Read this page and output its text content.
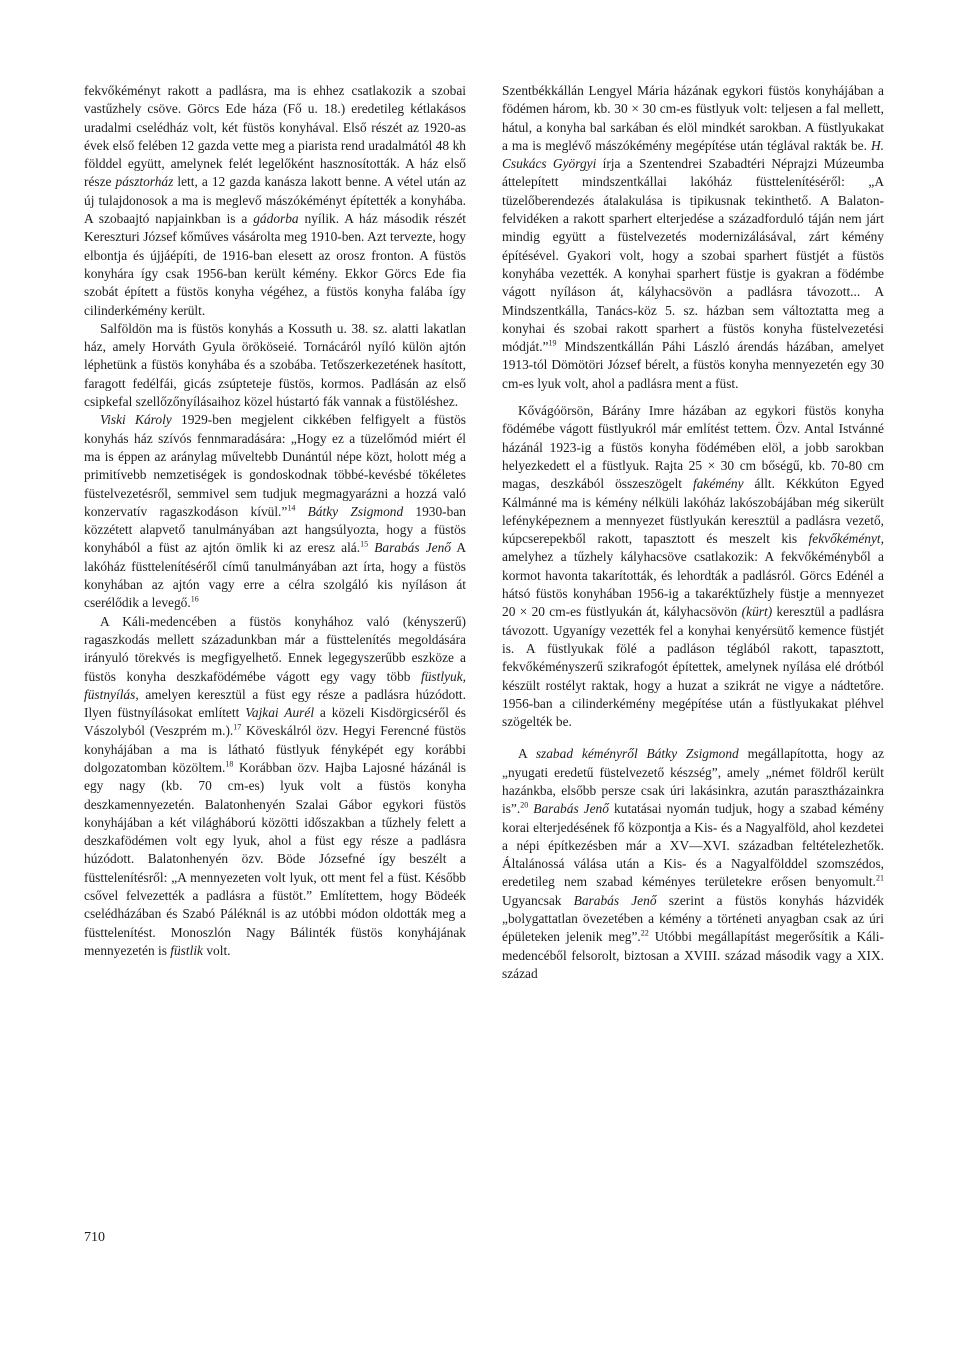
fekvőkéményt rakott a padlásra, ma is ehhez csatlakozik a szobai vastűzhely csöve. Görcs Ede háza (Fő u. 18.) eredetileg kétlakásos uradalmi cselédház volt, két füstös konyhával. Első részét az 1920-as évek első felében 12 gazda vette meg a piarista rend uradalmától 48 kh földdel együtt, amelynek felét legelőként hasznosították. A ház első része pásztorház lett, a 12 gazda kanásza lakott benne. A vétel után az új tulajdonosok a ma is meglevő mászókéményt építették a konyhába. A szobaajtó napjainkban is a gádorba nyílik. A ház második részét Kereszturi József kőműves vásárolta meg 1910-ben. Azt tervezte, hogy elbontja és újjáépíti, de 1916-ban elesett az orosz fronton. A füstös konyhára így csak 1956-ban került kémény. Ekkor Görcs Ede fia szobát épített a füstös konyha végéhez, a füstös konyha falába így cilinderkémény került.

Salföldön ma is füstös konyhás a Kossuth u. 38. sz. alatti lakatlan ház, amely Horváth Gyula örököseié. Tornácáról nyíló külön ajtón léphetünk a füstös konyhába és a szobába. Tetőszerkezetének hasított, faragott fedélfái, gicás zsúpteteje füstös, kormos. Padlásán az első csipkefal szellőzőnyílásaihoz közel hústartó fák vannak a füstöléshez.

Viski Károly 1929-ben megjelent cikkében felfigyelt a füstös konyhás ház szívós fennmaradására: „Hogy ez a tüzelőmód miért él ma is éppen az aránylag műveltebb Dunántúl népe közt, holott még a primitívebb nemzetiségek is gondoskodnak többé-kevésbé tökéletes füstelvezetésről, semmivel sem tudjuk megmagyarázni a hozzá való konzervatív ragaszkodáson kívül.”$^{14}$ Bátky Zsigmond 1930-ban közzétett alapvető tanulmányában azt hangsúlyozta, hogy a füstös konyhából a füst az ajtón ömlik ki az eresz alá.$^{15}$ Barabás Jenő A lakóház füsttelenítéséről című tanulmányában azt írta, hogy a füstös konyhában az ajtón vagy erre a célra szolgáló kis nyíláson át cserélődik a levegő.$^{16}$

A Káli-medencében a füstös konyhához való (kényszerű) ragaszkodás mellett századunkban már a füsttelenítés megoldására irányuló törekvés is megfigyelhető. Ennek legegyszerűbb eszköze a füstös konyha deszkafödémébe vágott egy vagy több füstlyuk, füstnyílás, amelyen keresztül a füst egy része a padlásra húzódott. Ilyen füstnyílásokat említett Vajkai Aurél a közeli Kisdörgicséről és Vászolyból (Veszprém m.).$^{17}$ Köveskálról özv. Hegyi Ferencné füstös konyhájában a ma is látható füstlyuk fényképét egy korábbi dolgozatomban közöltem.$^{18}$ Korábban özv. Hajba Lajosné házánál is egy nagy (kb. 70 cm-es) lyuk volt a füstös konyha deszkamennyezetén. Balatonhenyén Szalai Gábor egykori füstös konyhájában a két világháború közötti időszakban a tűzhely felett a deszkafödémen volt egy lyuk, ahol a füst egy része a padlásra húzódott. Balatonhenyén özv. Böde Józsefné így beszélt a füsttelenítésről: „A mennyezeten volt lyuk, ott ment fel a füst. Később csővel felvezették a padlásra a füstöt.” Említettem, hogy Bödeék cselédházában és Szabó Páléknál is az utóbbi módon oldották meg a füsttelenítést. Monoszlón Nagy Bálinték füstös konyhájának mennyezetén is füstlik volt.

Szentbékkállán Lengyel Mária házának egykori füstös konyhájában a födémen három, kb. 30 × 30 cm-es füstlyuk volt: teljesen a fal mellett, hátul, a konyha bal sarkában és elöl mindkét sarokban. A füstlyukakat a ma is meglévő mászókémény megépítése után téglával rakták be. H. Csukács Györgyi írja a Szentendrei Szabadtéri Néprajzi Múzeumba áttelepített mindszentkállai lakóház füsttelenítéséről: „A tüzelőberendezés átalakulása is tipikusnak tekinthető. A Balaton-felvidéken a rakott sparhert elterjedése a századforduló táján nem járt mindig együtt a füstelvezetés modernizálásával, zárt kémény építésével. Gyakori volt, hogy a szobai sparhert füstjét a füstös konyhába vezették. A konyhai sparhert füstje is gyakran a födémbe vágott nyíláson át, kályhacsövön a padlásra távozott... A Mindszentkálla, Tanács-köz 5. sz. házban sem változtatta meg a konyhai és szobai rakott sparhert a füstös konyha füstelvezetési módját.”$^{19}$ Mindszentkállán Páhi László árendás házában, amelyet 1913-tól Dömötöri József bérelt, a füstös konyha mennyezetén egy 30 cm-es lyuk volt, ahol a padlásra ment a füst.

Kővágóörsön, Bárány Imre házában az egykori füstös konyha födémébe vágott füstlyukról már említést tettem. Özv. Antal Istvánné házánál 1923-ig a füstös konyha födémében elöl, a jobb sarokban helyezkedett el a füstlyuk. Rajta 25 × 30 cm bőségű, kb. 70-80 cm magas, deszkából összeszögelt fakémény állt. Kékkúton Egyed Kálmánné ma is kémény nélküli lakóház lakószobájában még sikerült lefényképeznem a mennyezet füstlyukán keresztül a padlásra vezető, kúpcserepekből rakott, tapasztott és meszelt kis fekvőkéményt, amelyhez a tűzhely kályhacsöve csatlakozik: A fekvőkéményből a kormot havonta takarították, és lehordták a padlásról. Görcs Edénél a hátsó füstös konyhában 1956-ig a takaréktűzhely füstje a mennyezet 20 × 20 cm-es füstlyukán át, kályhacsövön (kürt) keresztül a padlásra távozott. Ugyanígy vezették fel a konyhai kenyérsütő kemence füstjét is. A füstlyukak fölé a padláson téglából rakott, tapasztott, fekvőkéményszerű szikrafogót építettek, amelynek nyílása elé drótból készült rostélyt raktak, hogy a huzat a szikrát ne vigye a nádtetőre. 1956-ban a cilinderkémény megépítése után a füstlyukakat pléhvel szögelték be.

A szabad kéményről Bátky Zsigmond megállapította, hogy az „nyugati eredetű füstelvezető készség”, amely „német földről került hazánkba, elsőbb persze csak úri lakásinkra, azután parasztházainkra is”.$^{20}$ Barabás Jenő kutatásai nyomán tudjuk, hogy a szabad kémény korai elterjedésének fő központja a Kis- és a Nagyalföld, ahol kezdetei a népi építkezésben már a XV—XVI. században feltételezhetők. Általánossá válása után a Kis- és a Nagyalfölddel szomszédos, eredetileg nem szabad kéményes területekre erősen benyomult.$^{21}$ Ugyancsak Barabás Jenő szerint a füstös konyhás házvidék „bolygattatlan övezetében a kémény a történeti anyagban csak az úri épületeken jelenik meg”.$^{22}$ Utóbbi megállapítást megerősítik a Káli-medencéből felsorolt, biztosan a XVIII. század második vagy a XIX. század

710
